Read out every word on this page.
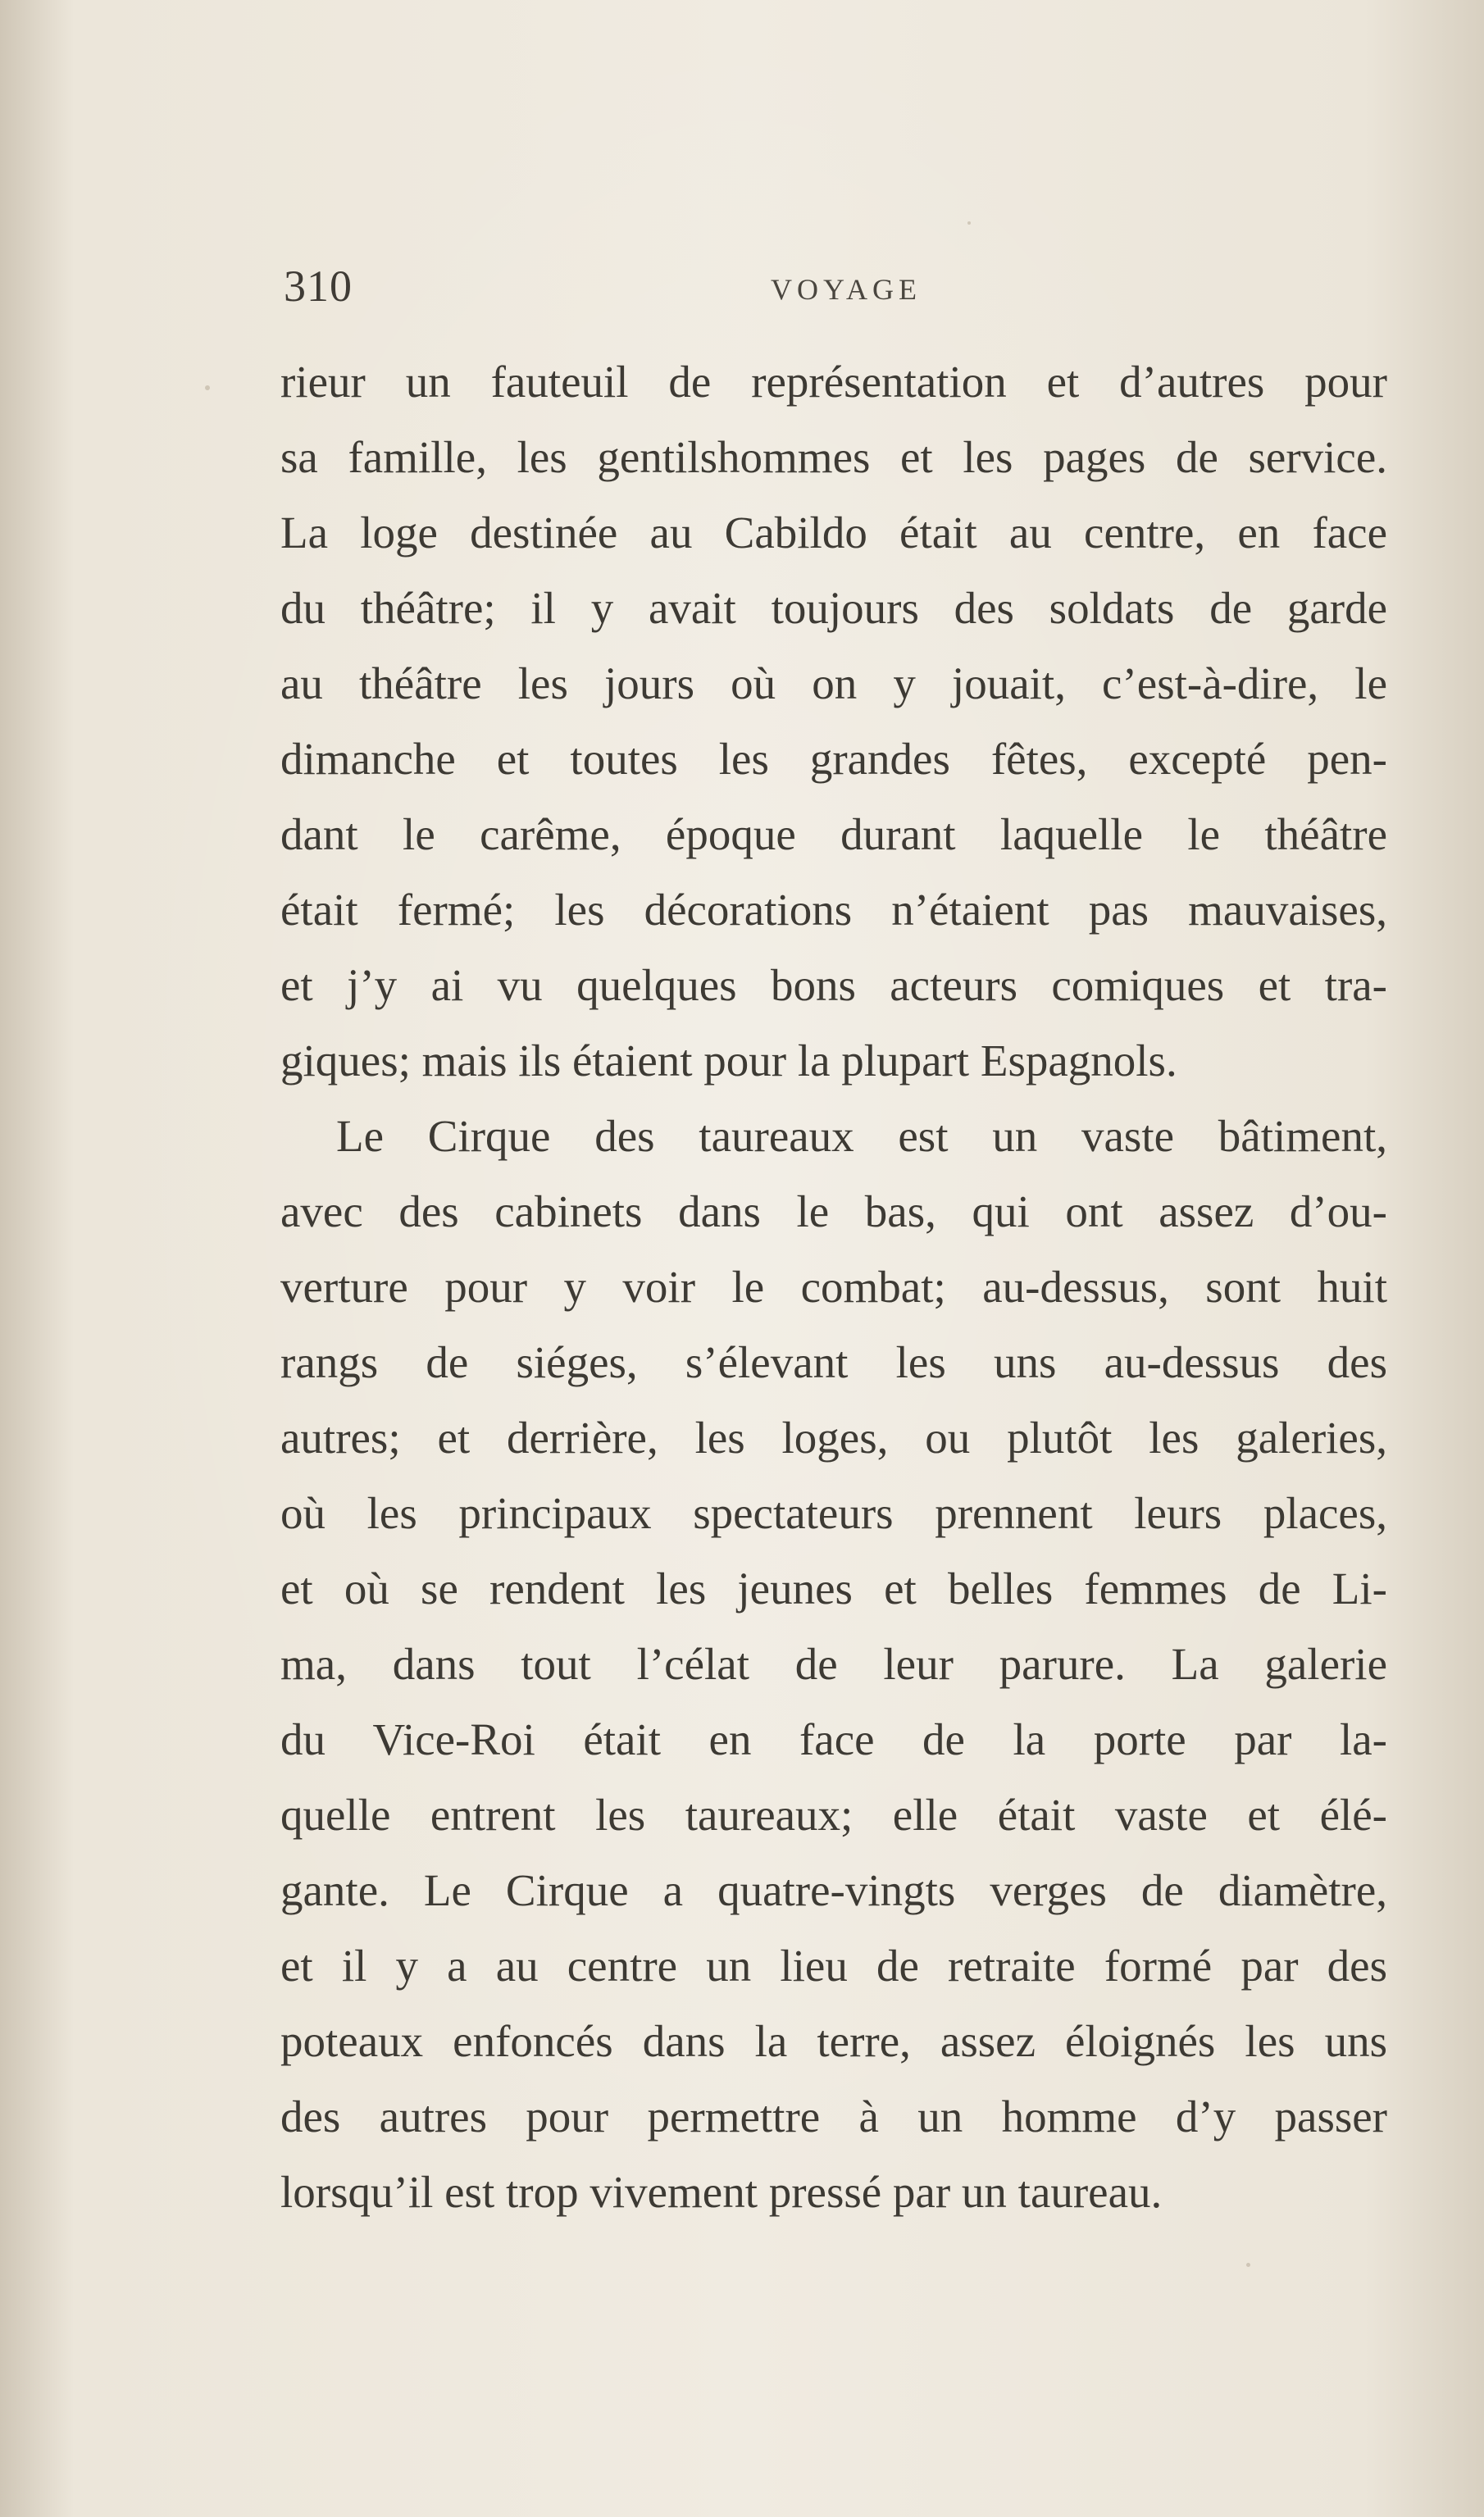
310	VOYAGE
rieur un fauteuil de représentation et d’autres pour
sa famille, les gentilshommes et les pages de service.
La loge destinée au Cabildo était au centre, en face
du théâtre; il y avait toujours des soldats de garde
au théâtre les jours où on y jouait, c’est-à-dire, le
dimanche et toutes les grandes fêtes, excepté pen-
dant le carême, époque durant laquelle le théâtre
était fermé; les décorations n’étaient pas mauvaises,
et j’y ai vu quelques bons acteurs comiques et tra-
giques; mais ils étaient pour la plupart Espagnols.
Le Cirque des taureaux est un vaste bâtiment,
avec des cabinets dans le bas, qui ont assez d’ou-
verture pour y voir le combat; au-dessus, sont huit
rangs de siéges, s’élevant les uns au-dessus des
autres; et derrière, les loges, ou plutôt les galeries,
où les principaux spectateurs prennent leurs places,
et où se rendent les jeunes et belles femmes de Li-
ma, dans tout l’célat de leur parure. La galerie
du Vice-Roi était en face de la porte par la-
quelle entrent les taureaux; elle était vaste et élé-
gante. Le Cirque a quatre-vingts verges de diamètre,
et il y a au centre un lieu de retraite formé par des
poteaux enfoncés dans la terre, assez éloignés les uns
des autres pour permettre à un homme d’y passer
lorsqu’il est trop vivement pressé par un taureau.
